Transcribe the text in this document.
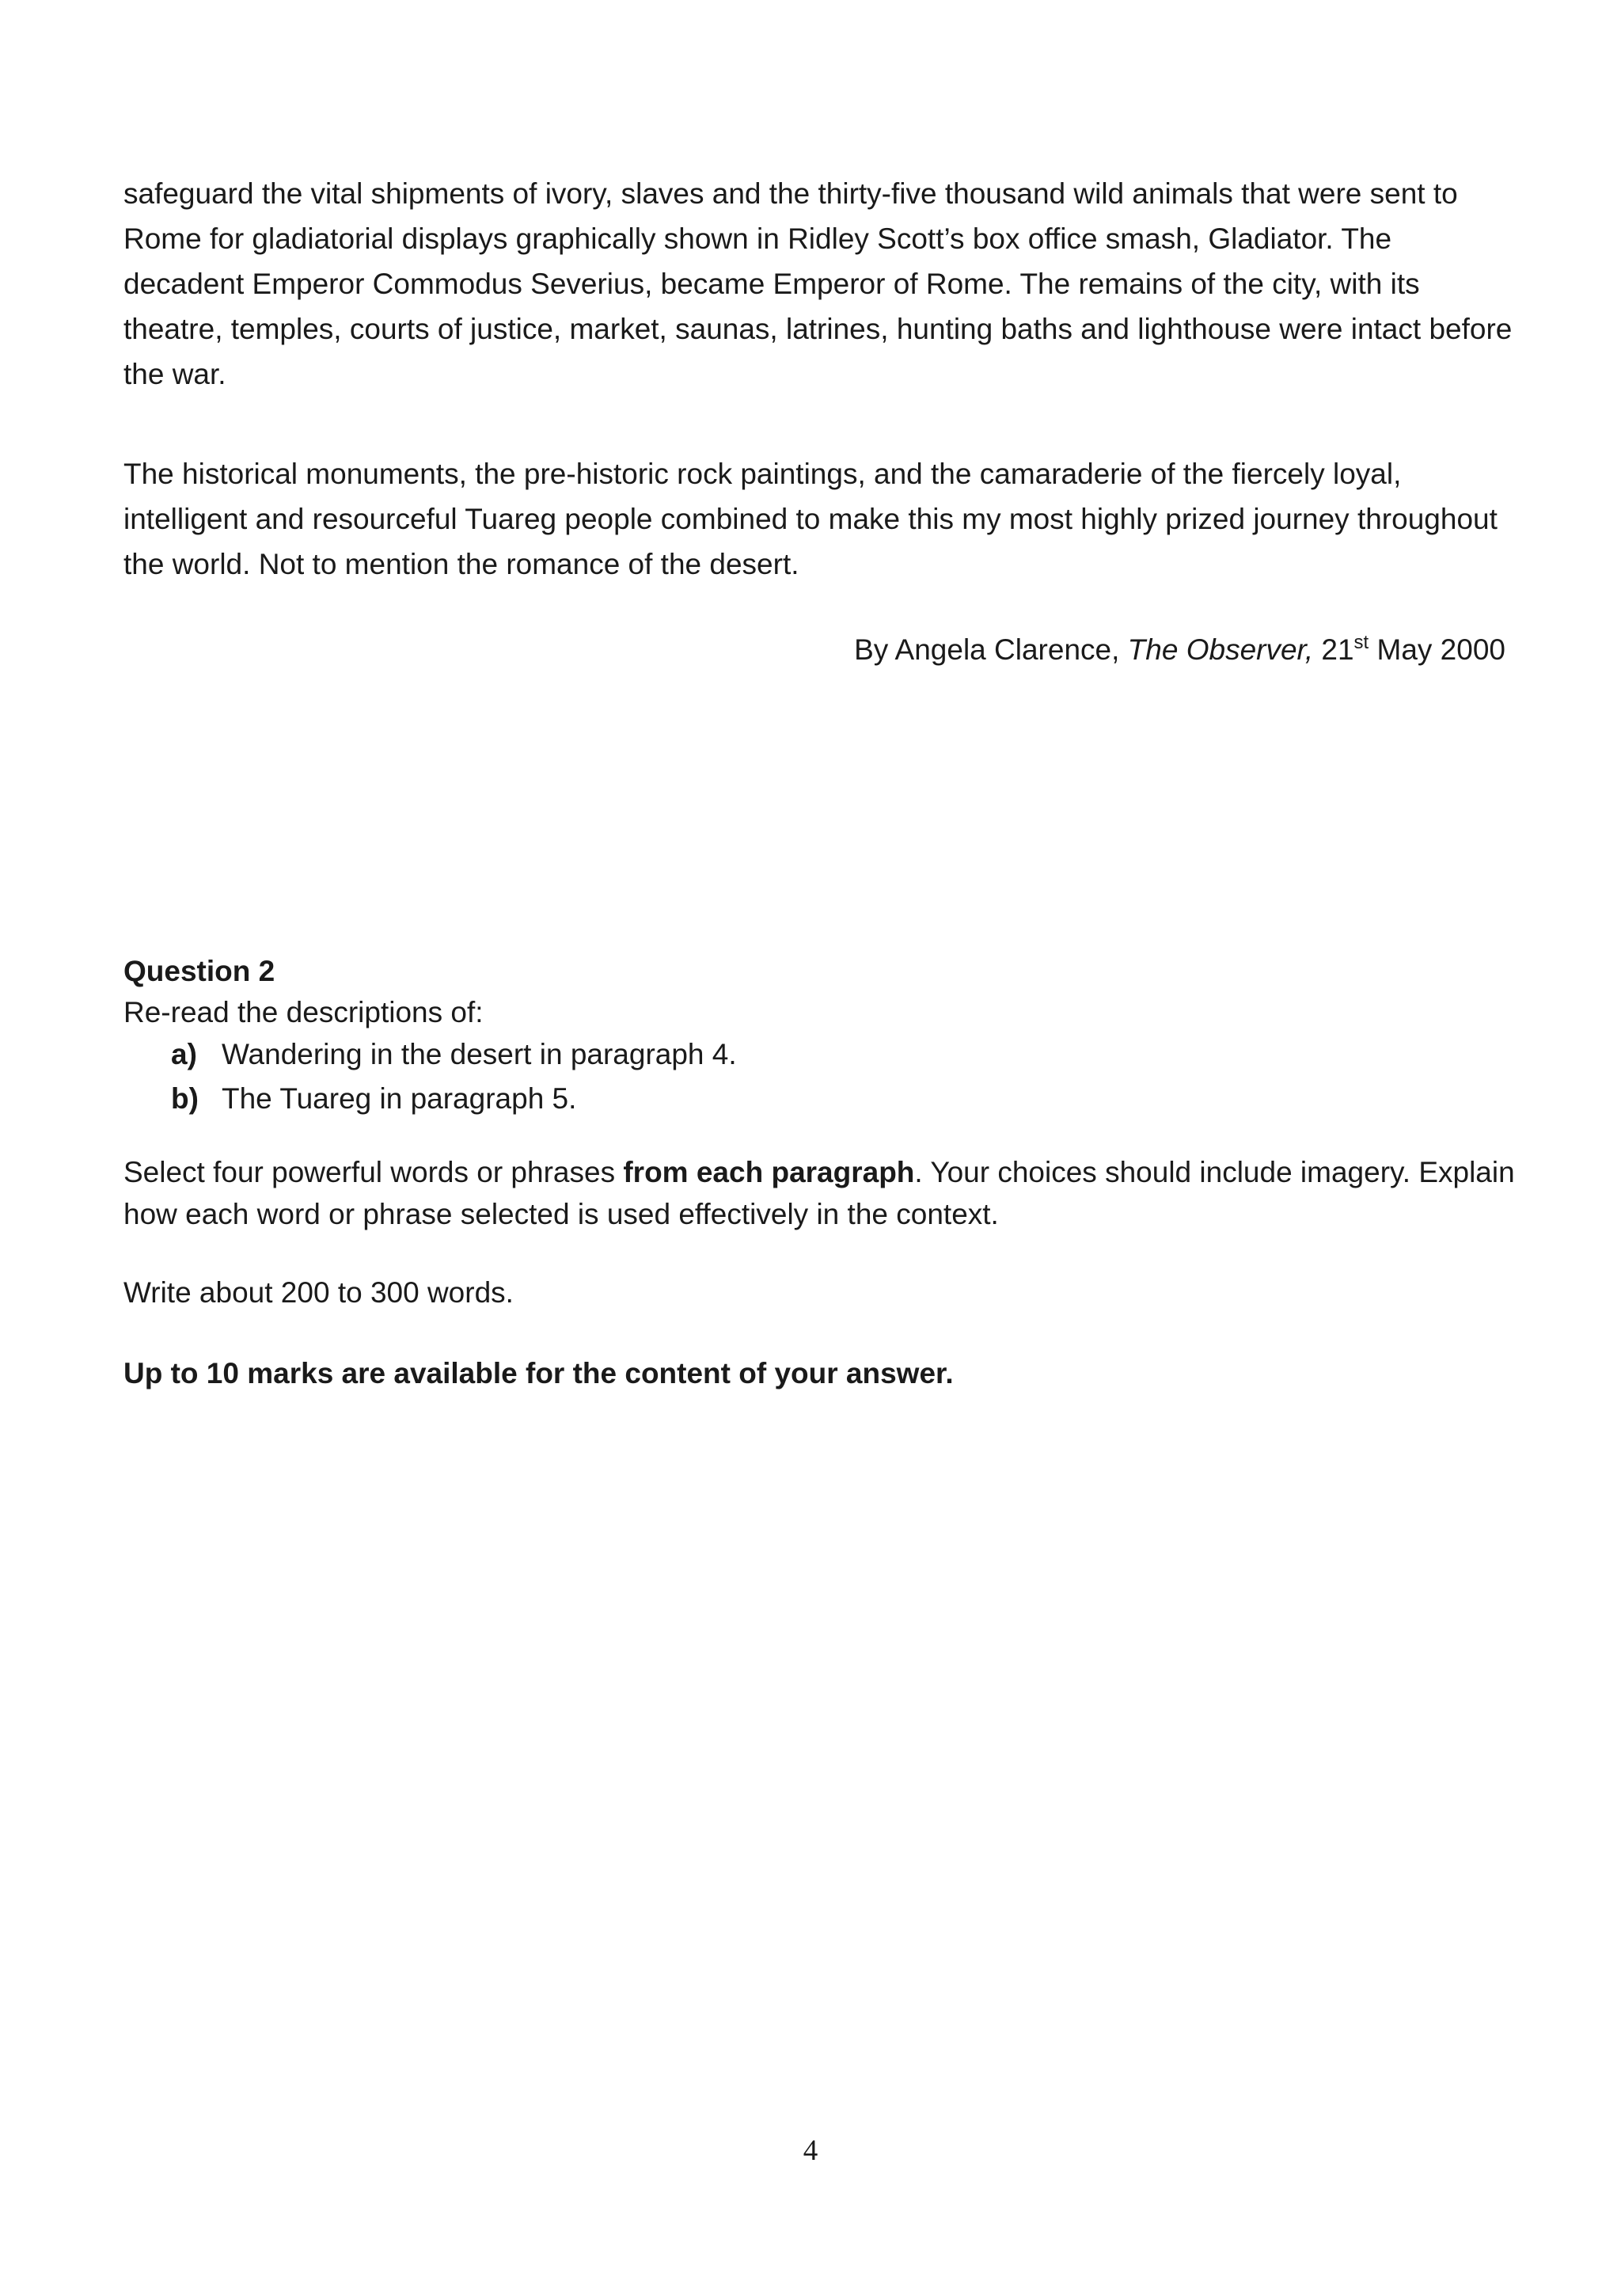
safeguard the vital shipments of ivory, slaves and the thirty-five thousand wild animals that were sent to Rome for gladiatorial displays graphically shown in Ridley Scott’s box office smash, Gladiator. The decadent Emperor Commodus Severius, became Emperor of Rome. The remains of the city, with its theatre, temples, courts of justice, market, saunas, latrines, hunting baths and lighthouse were intact before the war.

The historical monuments, the pre-historic rock paintings, and the camaraderie of the fiercely loyal, intelligent and resourceful Tuareg people combined to make this my most highly prized journey throughout the world. Not to mention the romance of the desert.

By Angela Clarence, The Observer, 21st May 2000

Question 2

Re-read the descriptions of:

a) Wandering in the desert in paragraph 4.
b) The Tuareg in paragraph 5.

Select four powerful words or phrases from each paragraph. Your choices should include imagery. Explain how each word or phrase selected is used effectively in the context.

Write about 200 to 300 words.

Up to 10 marks are available for the content of your answer.

4
